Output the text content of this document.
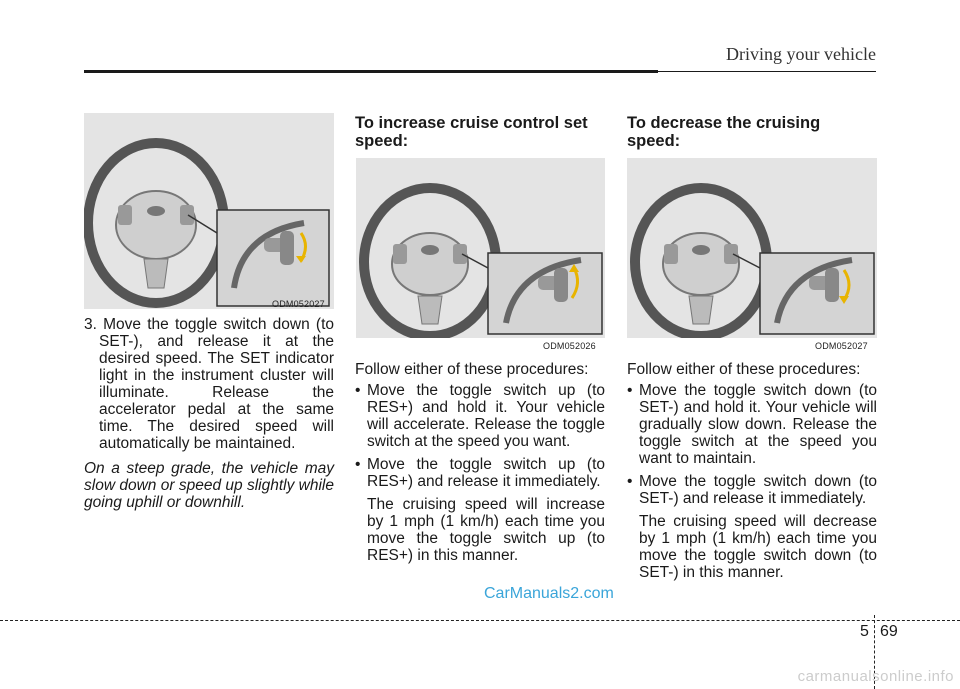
Driving your vehicle
ODM052027
ODM052026	ODM052027

3. Move the toggle switch down (to SET-), and release it at the desired speed. The SET indicator light in the instrument cluster will illuminate. Release the accelerator pedal at the same time. The desired speed will automatically be maintained.

On a steep grade, the vehicle may slow down or speed up slightly while going uphill or downhill.

To increase cruise control set speed:

Follow either of these procedures:

• Move the toggle switch up (to RES+) and hold it. Your vehicle will accelerate. Release the toggle switch at the speed you want.
• Move the toggle switch up (to RES+) and release it immediately.

The cruising speed will increase by 1 mph (1 km/h) each time you move the toggle switch up (to RES+) in this manner.

To decrease the cruising speed:

Follow either of these procedures:

• Move the toggle switch down (to SET-) and hold it. Your vehicle will gradually slow down. Release the toggle switch at the speed you want to maintain.
• Move the toggle switch down (to SET-) and release it immediately.

The cruising speed will decrease by 1 mph (1 km/h) each time you move the toggle switch down (to SET-) in this manner.

CarManuals2.com
5 69
carmanualsonline.info
